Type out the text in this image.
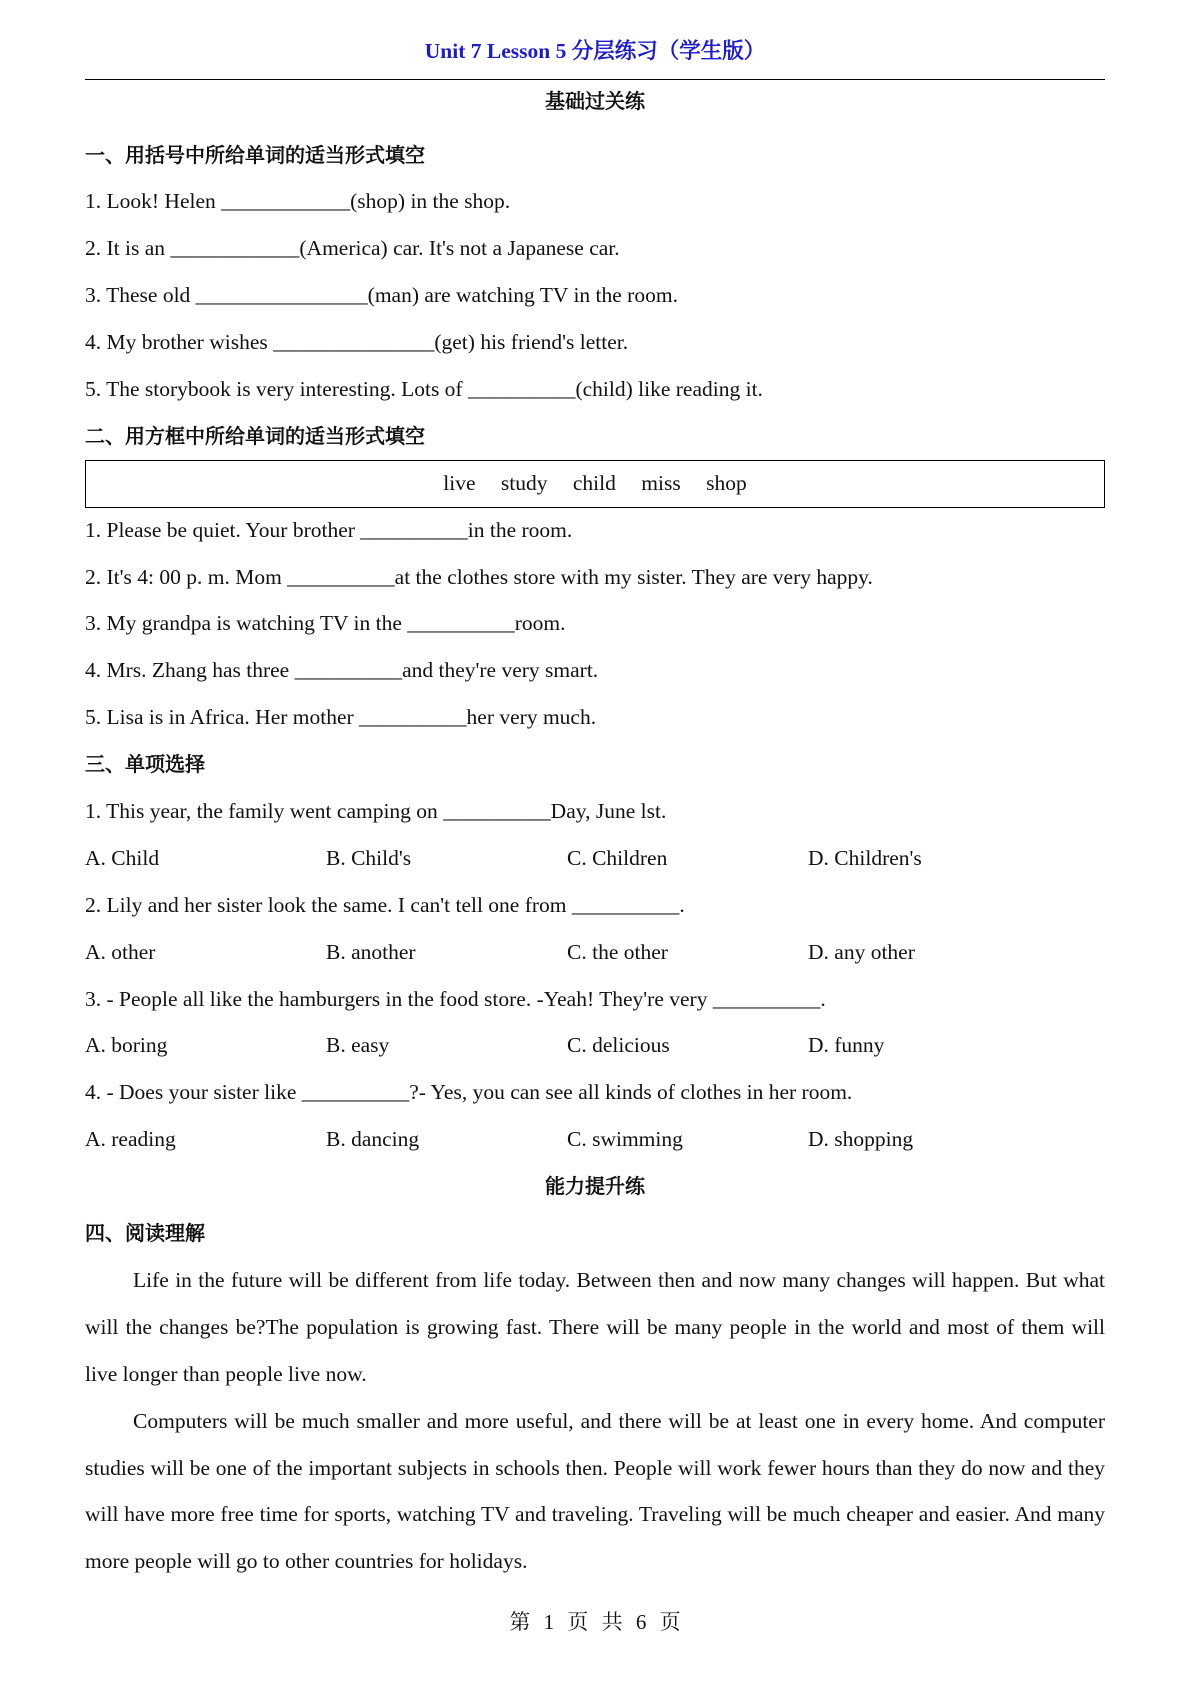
Unit 7 Lesson 5 分层练习（学生版）
基础过关练
一、用括号中所给单词的适当形式填空
1. Look! Helen ____________(shop) in the shop.
2. It is an ____________(America) car. It's not a Japanese car.
3. These old ________________(man) are watching TV in the room.
4. My brother wishes _______________(get) his friend's letter.
5. The storybook is very interesting. Lots of __________(child) like reading it.
二、用方框中所给单词的适当形式填空
live study child miss shop
1. Please be quiet. Your brother __________in the room.
2. It's 4: 00 p. m. Mom __________at the clothes store with my sister. They are very happy.
3. My grandpa is watching TV in the __________room.
4. Mrs. Zhang has three __________and they're very smart.
5. Lisa is in Africa. Her mother __________her very much.
三、单项选择
1. This year, the family went camping on __________Day, June lst.
A. Child	B. Child's	C. Children	D. Children's
2. Lily and her sister look the same. I can't tell one from __________.
A. other	B. another	C. the other	D. any other
3. - People all like the hamburgers in the food store. -Yeah! They're very __________.
A. boring	B. easy	C. delicious	D. funny
4. - Does your sister like __________?- Yes, you can see all kinds of clothes in her room.
A. reading	B. dancing	C. swimming	D. shopping
能力提升练
四、阅读理解
Life in the future will be different from life today. Between then and now many changes will happen. But what will the changes be?The population is growing fast. There will be many people in the world and most of them will live longer than people live now.
Computers will be much smaller and more useful, and there will be at least one in every home. And computer studies will be one of the important subjects in schools then. People will work fewer hours than they do now and they will have more free time for sports, watching TV and traveling. Traveling will be much cheaper and easier. And many more people will go to other countries for holidays.
第 1 页 共 6 页
